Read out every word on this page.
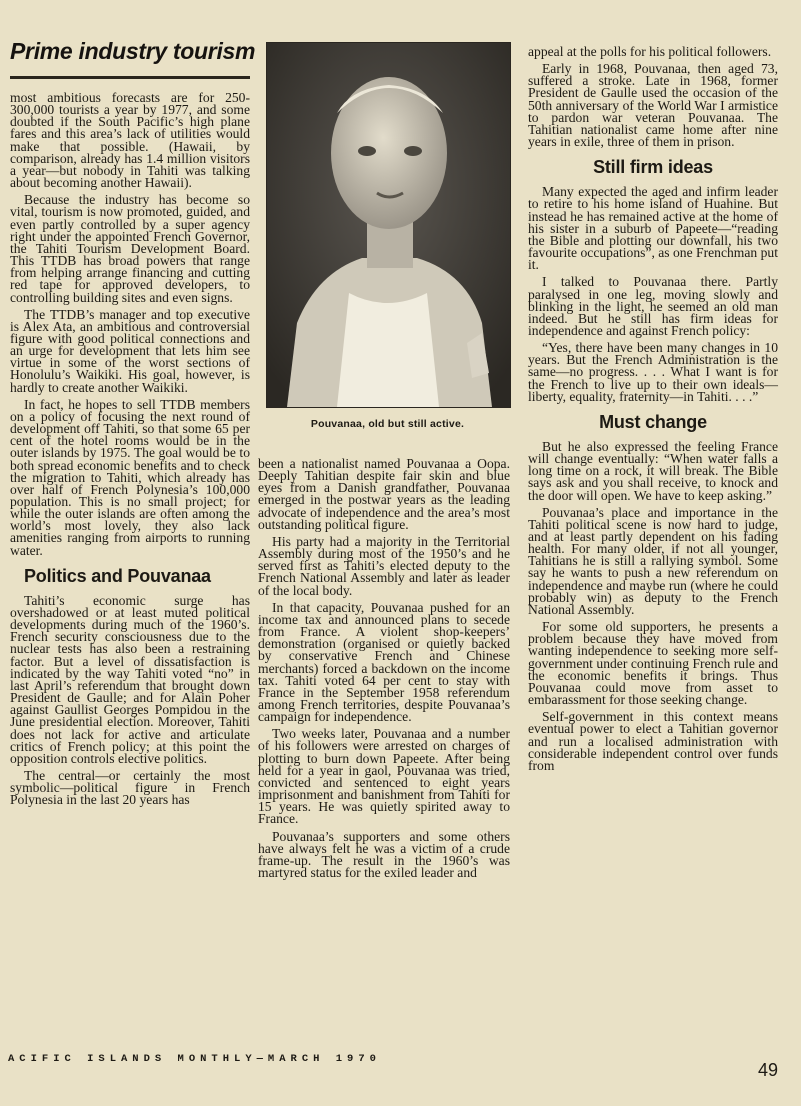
Prime industry tourism

most ambitious forecasts are for 250-300,000 tourists a year by 1977, and some doubted if the South Pacific’s high plane fares and this area’s lack of utilities would make that possible. (Hawaii, by comparison, already has 1.4 million visitors a year—but nobody in Tahiti was talking about becoming another Hawaii).

Because the industry has become so vital, tourism is now promoted, guided, and even partly controlled by a super agency right under the appointed French Governor, the Tahiti Tourism Development Board. This TTDB has broad powers that range from helping arrange financing and cutting red tape for approved developers, to controlling building sites and even signs.

The TTDB’s manager and top executive is Alex Ata, an ambitious and controversial figure with good political connections and an urge for development that lets him see virtue in some of the worst sections of Honolulu’s Waikiki. His goal, however, is hardly to create another Waikiki.

In fact, he hopes to sell TTDB members on a policy of focusing the next round of development off Tahiti, so that some 65 per cent of the hotel rooms would be in the outer islands by 1975. The goal would be to both spread economic benefits and to check the migration to Tahiti, which already has over half of French Polynesia’s 100,000 population. This is no small project; for while the outer islands are often among the world’s most lovely, they also lack amenities ranging from airports to running water.

Politics and Pouvanaa

Tahiti’s economic surge has overshadowed or at least muted political developments during much of the 1960’s. French security consciousness due to the nuclear tests has also been a restraining factor. But a level of dissatisfaction is indicated by the way Tahiti voted “no” in last April’s referendum that brought down President de Gaulle; and for Alain Poher against Gaullist Georges Pompidou in the June presidential election. Moreover, Tahiti does not lack for active and articulate critics of French policy; at this point the opposition controls elective politics.

The central—or certainly the most symbolic—political figure in French Polynesia in the last 20 years has

Pouvanaa, old but still active.

been a nationalist named Pouvanaa a Oopa. Deeply Tahitian despite fair skin and blue eyes from a Danish grandfather, Pouvanaa emerged in the postwar years as the leading advocate of independence and the area’s most outstanding political figure.

His party had a majority in the Territorial Assembly during most of the 1950’s and he served first as Tahiti’s elected deputy to the French National Assembly and later as leader of the local body.

In that capacity, Pouvanaa pushed for an income tax and announced plans to secede from France. A violent shop-keepers’ demonstration (organised or quietly backed by conservative French and Chinese merchants) forced a backdown on the income tax. Tahiti voted 64 per cent to stay with France in the September 1958 referendum among French territories, despite Pouvanaa’s campaign for independence.

Two weeks later, Pouvanaa and a number of his followers were arrested on charges of plotting to burn down Papeete. After being held for a year in gaol, Pouvanaa was tried, convicted and sentenced to eight years imprisonment and banishment from Tahiti for 15 years. He was quietly spirited away to France.

Pouvanaa’s supporters and some others have always felt he was a victim of a crude frame-up. The result in the 1960’s was martyred status for the exiled leader and

appeal at the polls for his political followers.

Early in 1968, Pouvanaa, then aged 73, suffered a stroke. Late in 1968, former President de Gaulle used the occasion of the 50th anniversary of the World War I armistice to pardon war veteran Pouvanaa. The Tahitian nationalist came home after nine years in exile, three of them in prison.

Still firm ideas

Many expected the aged and infirm leader to retire to his home island of Huahine. But instead he has remained active at the home of his sister in a suburb of Papeete—“reading the Bible and plotting our downfall, his two favourite occupations”, as one Frenchman put it.

I talked to Pouvanaa there. Partly paralysed in one leg, moving slowly and blinking in the light, he seemed an old man indeed. But he still has firm ideas for independence and against French policy:

“Yes, there have been many changes in 10 years. But the French Administration is the same—no progress. . . . What I want is for the French to live up to their own ideals—liberty, equality, fraternity—in Tahiti. . . .”

Must change

But he also expressed the feeling France will change eventually: “When water falls a long time on a rock, it will break. The Bible says ask and you shall receive, to knock and the door will open. We have to keep asking.”

Pouvanaa’s place and importance in the Tahiti political scene is now hard to judge, and at least partly dependent on his fading health. For many older, if not all younger, Tahitians he is still a rallying symbol. Some say he wants to push a new referendum on independence and maybe run (where he could probably win) as deputy to the French National Assembly.

For some old supporters, he presents a problem because they have moved from wanting independence to seeking more self-government under continuing French rule and the economic benefits it brings. Thus Pouvanaa could move from asset to embarassment for those seeking change.

Self-government in this context means eventual power to elect a Tahitian governor and run a localised administration with considerable independent control over funds from

ACIFIC ISLANDS MONTHLY—MARCH 1970
49
